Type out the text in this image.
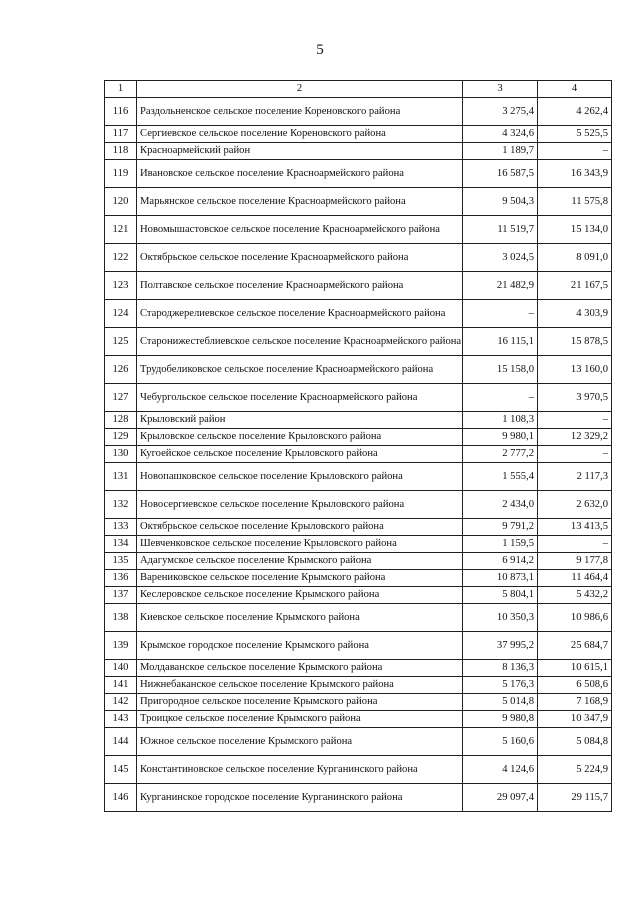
5
1	2	3	4
116	Раздольненское сельское поселение Кореновского района	3 275,4	4 262,4
117	Сергиевское сельское поселение Кореновского района	4 324,6	5 525,5
118	Красноармейский район	1 189,7	–
119	Ивановское сельское поселение Красноармейского района	16 587,5	16 343,9
120	Марьянское сельское поселение Красноармейского района	9 504,3	11 575,8
121	Новомышастовское сельское поселение Красноармейского района	11 519,7	15 134,0
122	Октябрьское сельское поселение Красноармейского района	3 024,5	8 091,0
123	Полтавское сельское поселение Красноармейского района	21 482,9	21 167,5
124	Староджерелиевское сельское поселение Красноармейского района	–	4 303,9
125	Старонижестеблиевское сельское поселение Красноармейского района	16 115,1	15 878,5
126	Трудобеликовское сельское поселение Красноармейского района	15 158,0	13 160,0
127	Чебургольское сельское поселение Красноармейского района	–	3 970,5
128	Крыловский район	1 108,3	–
129	Крыловское сельское поселение Крыловского района	9 980,1	12 329,2
130	Кугоейское сельское поселение Крыловского района	2 777,2	–
131	Новопашковское сельское поселение Крыловского района	1 555,4	2 117,3
132	Новосергиевское сельское поселение Крыловского района	2 434,0	2 632,0
133	Октябрьское сельское поселение Крыловского района	9 791,2	13 413,5
134	Шевченковское сельское поселение Крыловского района	1 159,5	–
135	Адагумское сельское поселение Крымского района	6 914,2	9 177,8
136	Варениковское сельское поселение Крымского района	10 873,1	11 464,4
137	Кеслеровское сельское поселение Крымского района	5 804,1	5 432,2
138	Киевское сельское поселение Крымского района	10 350,3	10 986,6
139	Крымское городское поселение Крымского района	37 995,2	25 684,7
140	Молдаванское сельское поселение Крымского района	8 136,3	10 615,1
141	Нижнебаканское сельское поселение Крымского района	5 176,3	6 508,6
142	Пригородное сельское поселение Крымского района	5 014,8	7 168,9
143	Троицкое сельское поселение Крымского района	9 980,8	10 347,9
144	Южное сельское поселение Крымского района	5 160,6	5 084,8
145	Константиновское сельское поселение Курганинского района	4 124,6	5 224,9
146	Курганинское городское поселение Курганинского района	29 097,4	29 115,7
